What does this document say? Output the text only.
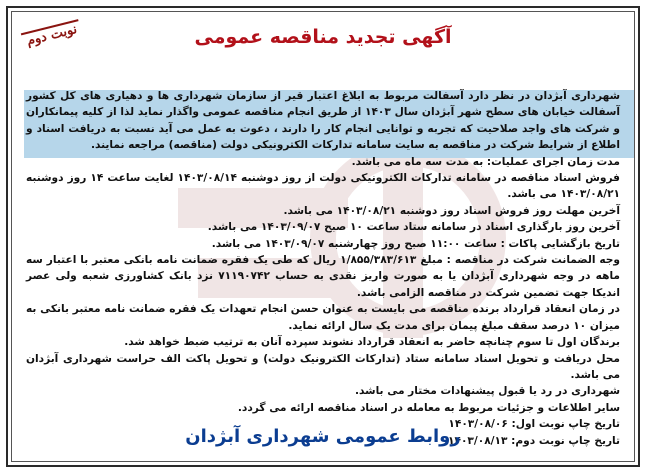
نوبت دوم	آگهی تجدید مناقصه عمومی

شهرداری آبژدان در نظر دارد آسفالت مربوط به ابلاغ اعتبار قیر از سازمان شهرداری ها و دهیاری های کل کشور آسفالت خیابان های سطح شهر آبژدان سال ۱۴۰۳ از طریق انجام مناقصه عمومی واگذار نماید لذا از کلیه پیمانکاران و شرکت های واجد صلاحیت که تجربه و توانایی انجام کار را دارند ، دعوت به عمل می آید نسبت به دریافت اسناد و اطلاع از شرایط شرکت در مناقصه به سایت سامانه تدارکات الکترونیکی دولت (مناقصه) مراجعه نمایند.

مدت زمان اجرای عملیات: به مدت سه ماه می باشد.

فروش اسناد مناقصه در سامانه تدارکات الکترونیکی دولت از روز دوشنبه ۱۴۰۳/۰۸/۱۴ لغایت ساعت ۱۴ روز دوشنبه ۱۴۰۳/۰۸/۲۱ می باشد.

آخرین مهلت روز فروش اسناد روز دوشنبه ۱۴۰۳/۰۸/۲۱ می باشد.

آخرین روز بارگذاری اسناد در سامانه ستاد ساعت ۱۰ صبح ۱۴۰۳/۰۹/۰۷ می باشد.

تاریخ بازگشایی پاکات : ساعت ۱۱:۰۰ صبح روز چهارشنبه ۱۴۰۳/۰۹/۰۷ می باشد.

وجه الضمانت شرکت در مناقصه : مبلغ ۱/۸۵۵/۳۸۳/۶۱۳ ریال که طی یک فقره ضمانت نامه بانکی معتبر با اعتبار سه ماهه در وجه شهرداری آبژدان یا به صورت واریز نقدی به حساب ۷۱۱۹۰۷۴۲ نزد بانک کشاورزی شعبه ولی عصر اندیکا جهت تضمین شرکت در مناقصه الزامی باشد.

در زمان انعقاد قرارداد برنده مناقصه می بایست به عنوان حسن انجام تعهدات یک فقره ضمانت نامه معتبر بانکی به میزان ۱۰ درصد سقف مبلغ پیمان برای مدت یک سال ارائه نماید.

برندگان اول تا سوم چنانچه حاضر به انعقاد قرارداد نشوند سپرده آنان به ترتیب ضبط خواهد شد.

محل دریافت و تحویل اسناد سامانه ستاد (تدارکات الکترونیک دولت) و تحویل پاکت الف حراست شهرداری آبژدان می باشد.

شهرداری در رد یا قبول پیشنهادات مختار می باشد.

سایر اطلاعات و جزئیات مربوط به معامله در اسناد مناقصه ارائه می گردد.

تاریخ چاپ نوبت اول: ۱۴۰۳/۰۸/۰۶

تاریخ چاپ نوبت دوم: ۱۴۰۳/۰۸/۱۳

روابط عمومی شهرداری آبژدان
